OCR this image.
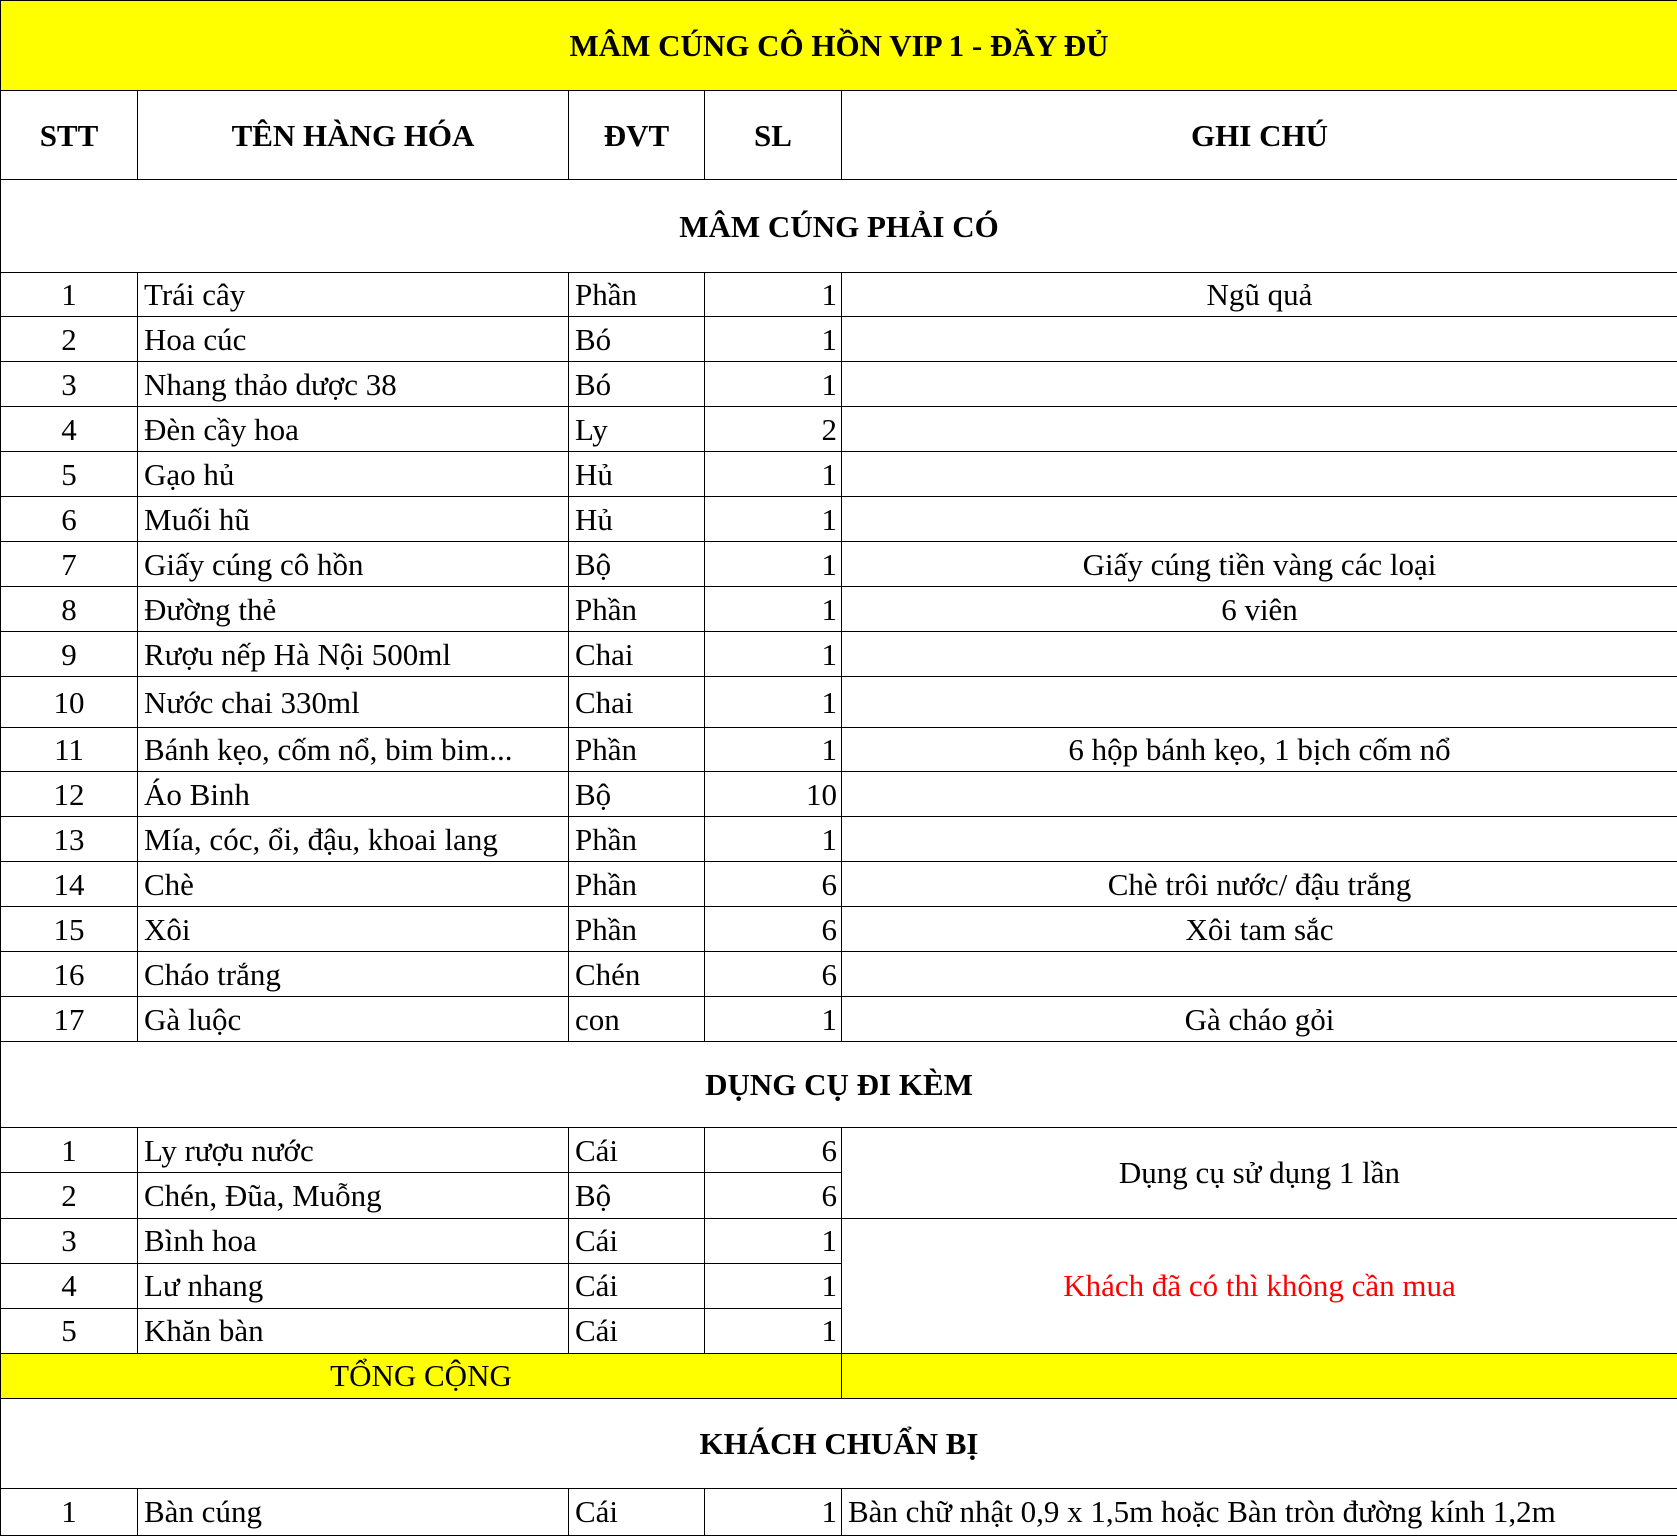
MÂM CÚNG CÔ HỒN VIP 1 - ĐẦY ĐỦ				
STT	TÊN HÀNG HÓA	ĐVT	SL	GHI CHÚ
MÂM CÚNG PHẢI CÓ				
1	Trái cây	Phần	1	Ngũ quả
2	Hoa cúc	Bó	1	
3	Nhang thảo dược 38	Bó	1	
4	Đèn cầy hoa	Ly	2	
5	Gạo hủ	Hủ	1	
6	Muối hũ	Hủ	1	
7	Giấy cúng cô hồn	Bộ	1	Giấy cúng tiền vàng các loại
8	Đường thẻ	Phần	1	6 viên
9	Rượu nếp Hà Nội 500ml	Chai	1	
10	Nước chai 330ml	Chai	1	
11	Bánh kẹo, cốm nổ, bim bim...	Phần	1	6 hộp bánh kẹo, 1 bịch cốm nổ
12	Áo Binh	Bộ	10	
13	Mía, cóc, ổi, đậu, khoai lang	Phần	1	
14	Chè	Phần	6	Chè trôi nước/ đậu trắng
15	Xôi	Phần	6	Xôi tam sắc
16	Cháo trắng	Chén	6	
17	Gà luộc	con	1	Gà cháo gỏi
DỤNG CỤ ĐI KÈM				
1	Ly rượu nước	Cái	6	Dụng cụ sử dụng 1 lần
2	Chén, Đũa, Muỗng	Bộ	6	
3	Bình hoa	Cái	1	Khách đã có thì không cần mua
4	Lư nhang	Cái	1	
5	Khăn bàn	Cái	1	
TỔNG CỘNG				
KHÁCH CHUẨN BỊ				
1	Bàn cúng	Cái	1	Bàn chữ nhật 0,9 x 1,5m hoặc Bàn tròn đường kính 1,2m
